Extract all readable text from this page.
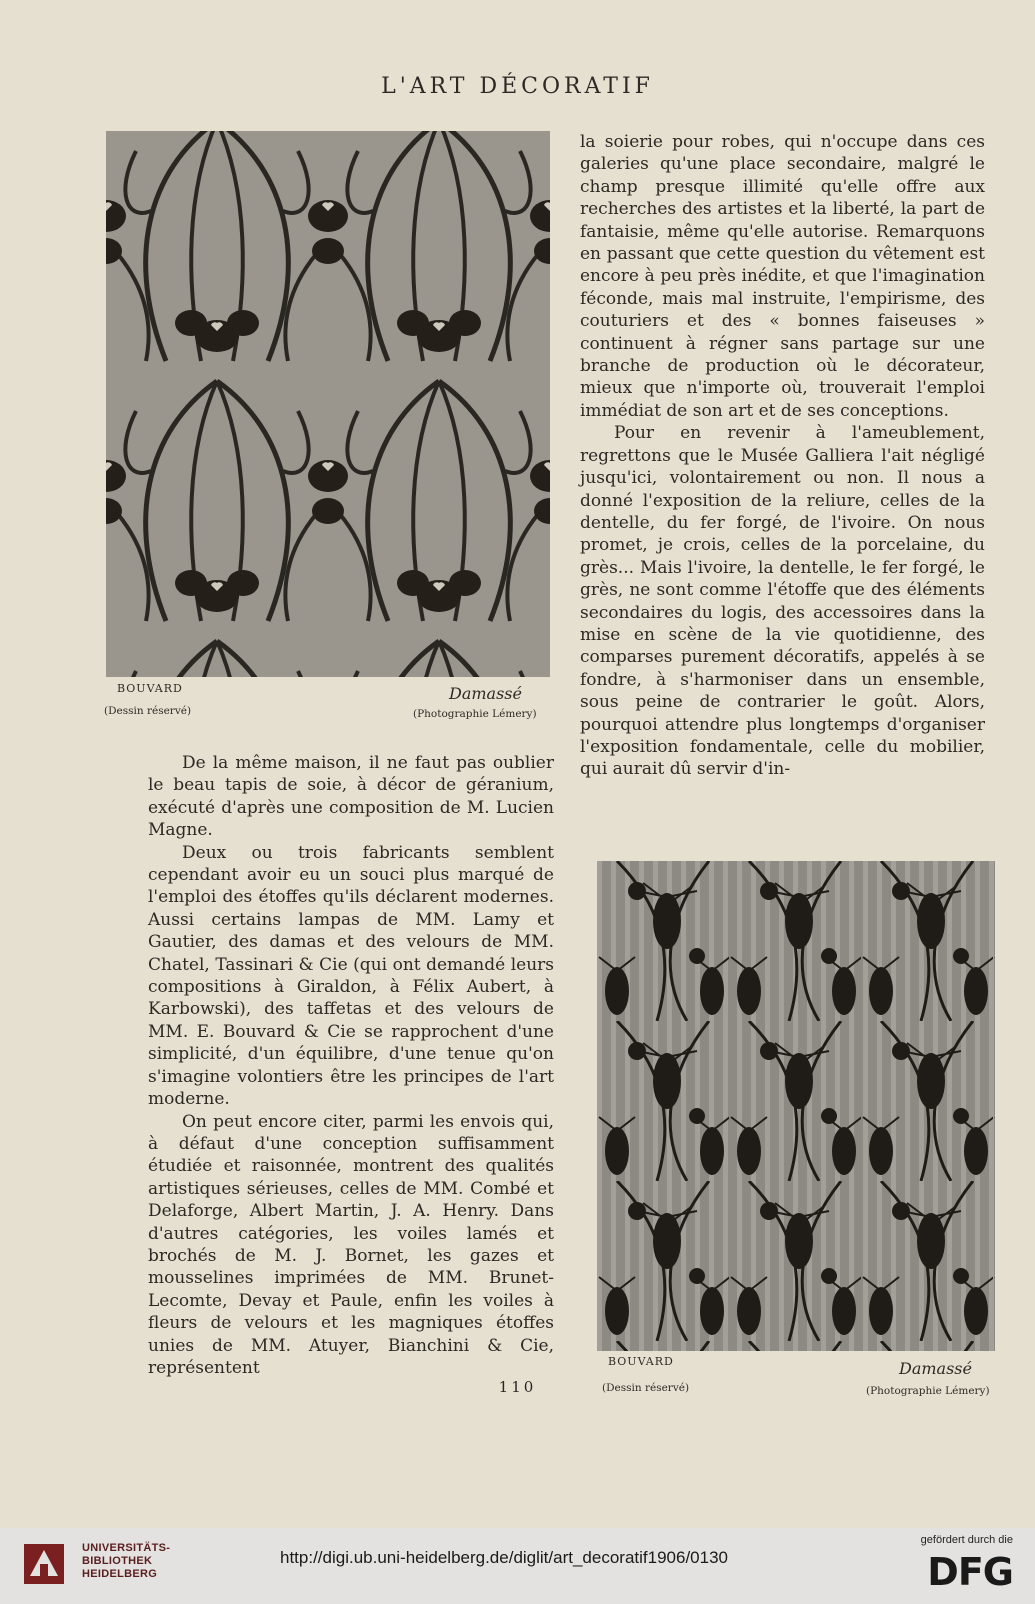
L'ART DÉCORATIF
BOUVARD	Damassé
(Dessin réservé)	(Photographie Lémery)

la soierie pour robes, qui n'occupe dans ces galeries qu'une place secondaire, malgré le champ presque illimité qu'elle offre aux recherches des artistes et la liberté, la part de fantaisie, même qu'elle autorise. Remarquons en passant que cette question du vêtement est encore à peu près inédite, et que l'imagination féconde, mais mal instruite, l'empirisme, des couturiers et des « bonnes faiseuses » continuent à régner sans partage sur une branche de production où le décorateur, mieux que n'importe où, trouverait l'emploi immédiat de son art et de ses conceptions.

Pour en revenir à l'ameublement, regrettons que le Musée Galliera l'ait négligé jusqu'ici, volontairement ou non. Il nous a donné l'exposition de la reliure, celles de la dentelle, du fer forgé, de l'ivoire. On nous promet, je crois, celles de la porcelaine, du grès... Mais l'ivoire, la dentelle, le fer forgé, le grès, ne sont comme l'étoffe que des éléments secondaires du logis, des accessoires dans la mise en scène de la vie quotidienne, des comparses purement décoratifs, appelés à se fondre, à s'harmoniser dans un ensemble, sous peine de contrarier le goût. Alors, pourquoi attendre plus longtemps d'organiser l'exposition fondamentale, celle du mobilier, qui aurait dû servir d'in-

De la même maison, il ne faut pas oublier le beau tapis de soie, à décor de géranium, exécuté d'après une composition de M. Lucien Magne.

Deux ou trois fabricants semblent cependant avoir eu un souci plus marqué de l'emploi des étoffes qu'ils déclarent modernes. Aussi certains lampas de MM. Lamy et Gautier, des damas et des velours de MM. Chatel, Tassinari & Cie (qui ont demandé leurs compositions à Giraldon, à Félix Aubert, à Karbowski), des taffetas et des velours de MM. E. Bouvard & Cie se rapprochent d'une simplicité, d'un équilibre, d'une tenue qu'on s'imagine volontiers être les principes de l'art moderne.

On peut encore citer, parmi les envois qui, à défaut d'une conception suffisamment étudiée et raisonnée, montrent des qualités artistiques sérieuses, celles de MM. Combé et Delaforge, Albert Martin, J. A. Henry. Dans d'autres catégories, les voiles lamés et brochés de M. J. Bornet, les gazes et mousselines imprimées de MM. Brunet-Lecomte, Devay et Paule, enfin les voiles à fleurs de velours et les magniques étoffes unies de MM. Atuyer, Bianchini & Cie, représentent	BOUVARD	Damassé
(Dessin réservé)	(Photographie Lémery)
110
UNIVERSITÄTS-
BIBLIOTHEK
HEIDELBERG
http://digi.ub.uni-heidelberg.de/diglit/art_decoratif1906/0130
gefördert durch die
DFG
